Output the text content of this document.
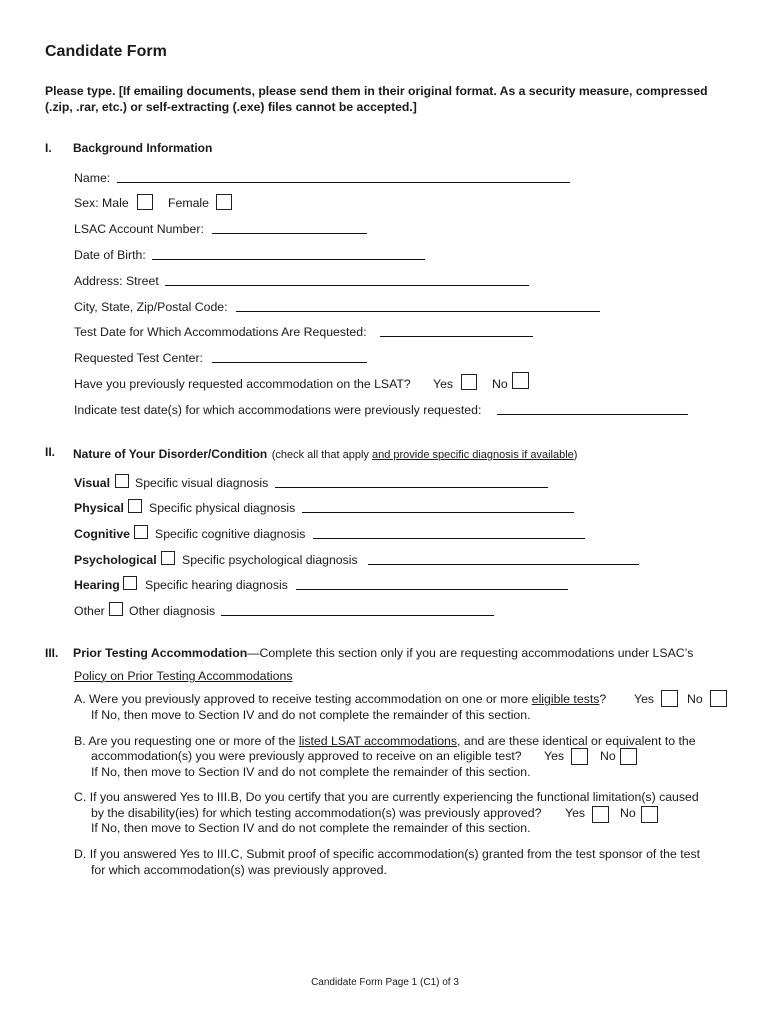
Candidate Form
Please type. [If emailing documents, please send them in their original format. As a security measure, compressed (.zip, .rar, etc.) or self-extracting (.exe) files cannot be accepted.]
I. Background Information
Name:
Sex: Male	Female
LSAC Account Number:
Date of Birth:
Address: Street
City, State, Zip/Postal Code:
Test Date for Which Accommodations Are Requested:
Requested Test Center:
Have you previously requested accommodation on the LSAT? Yes	No
Indicate test date(s) for which accommodations were previously requested:
II. Nature of Your Disorder/Condition (check all that apply and provide specific diagnosis if available)
Visual Specific visual diagnosis
Physical Specific physical diagnosis
Cognitive Specific cognitive diagnosis
Psychological Specific psychological diagnosis
Hearing Specific hearing diagnosis
Other Other diagnosis
III. Prior Testing Accommodation—Complete this section only if you are requesting accommodations under LSAC’s
Policy on Prior Testing Accommodations
A. Were you previously approved to receive testing accommodation on one or more eligible tests? Yes	No
If No, then move to Section IV and do not complete the remainder of this section.
B. Are you requesting one or more of the listed LSAT accommodations, and are these identical or equivalent to the
accommodation(s) you were previously approved to receive on an eligible test? Yes	No
If No, then move to Section IV and do not complete the remainder of this section.
C. If you answered Yes to III.B, Do you certify that you are currently experiencing the functional limitation(s) caused
by the disability(ies) for which testing accommodation(s) was previously approved? Yes	No
If No, then move to Section IV and do not complete the remainder of this section.
D. If you answered Yes to III.C, Submit proof of specific accommodation(s) granted from the test sponsor of the test
for which accommodation(s) was previously approved.
Candidate Form Page 1 (C1) of 3
